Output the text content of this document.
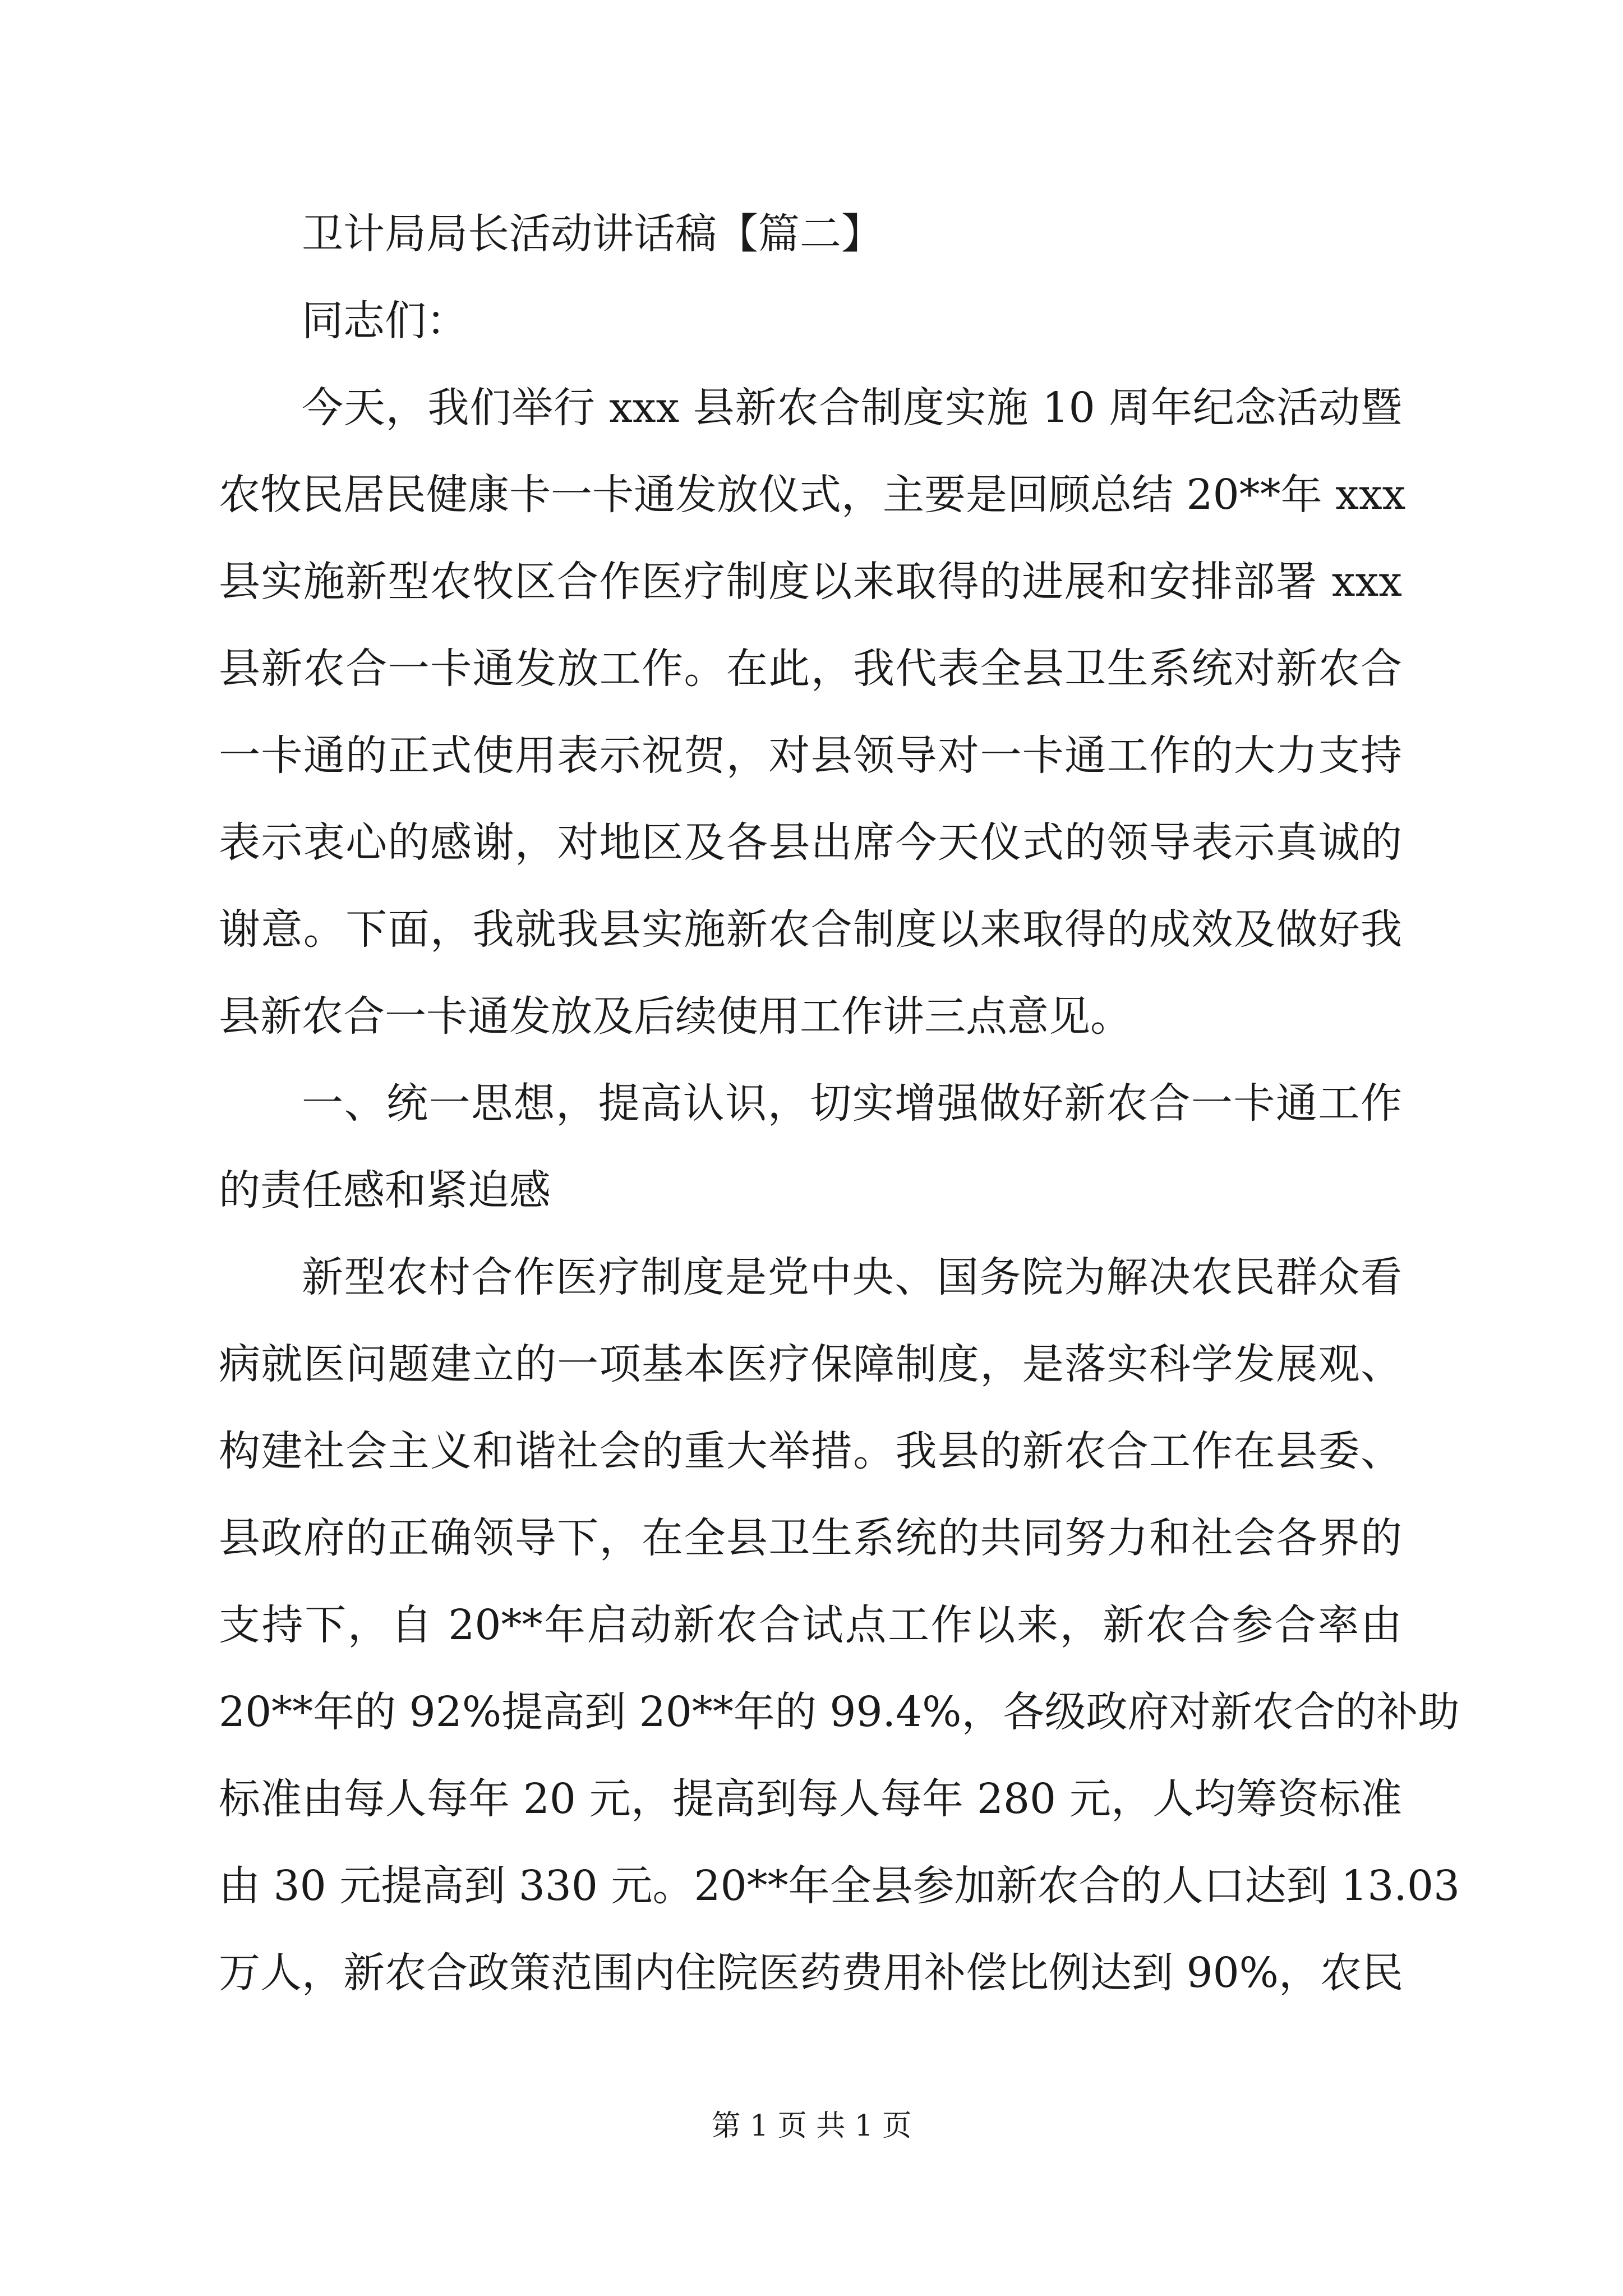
卫计局局长活动讲话稿【篇二】
同志们：
今天，我们举行 xxx 县新农合制度实施 10 周年纪念活动暨
农牧民居民健康卡一卡通发放仪式，主要是回顾总结 20**年 xxx
县实施新型农牧区合作医疗制度以来取得的进展和安排部署 xxx
县新农合一卡通发放工作。在此，我代表全县卫生系统对新农合
一卡通的正式使用表示祝贺，对县领导对一卡通工作的大力支持
表示衷心的感谢，对地区及各县出席今天仪式的领导表示真诚的
谢意。下面，我就我县实施新农合制度以来取得的成效及做好我
县新农合一卡通发放及后续使用工作讲三点意见。
一、统一思想，提高认识，切实增强做好新农合一卡通工作
的责任感和紧迫感
新型农村合作医疗制度是党中央、国务院为解决农民群众看
病就医问题建立的一项基本医疗保障制度，是落实科学发展观、
构建社会主义和谐社会的重大举措。我县的新农合工作在县委、
县政府的正确领导下，在全县卫生系统的共同努力和社会各界的
支持下，自 20**年启动新农合试点工作以来，新农合参合率由
20**年的 92%提高到 20**年的 99.4%，各级政府对新农合的补助
标准由每人每年 20 元，提高到每人每年 280 元，人均筹资标准
由 30 元提高到 330 元。20**年全县参加新农合的人口达到 13.03
万人，新农合政策范围内住院医药费用补偿比例达到 90%，农民
第 1 页 共 1 页
